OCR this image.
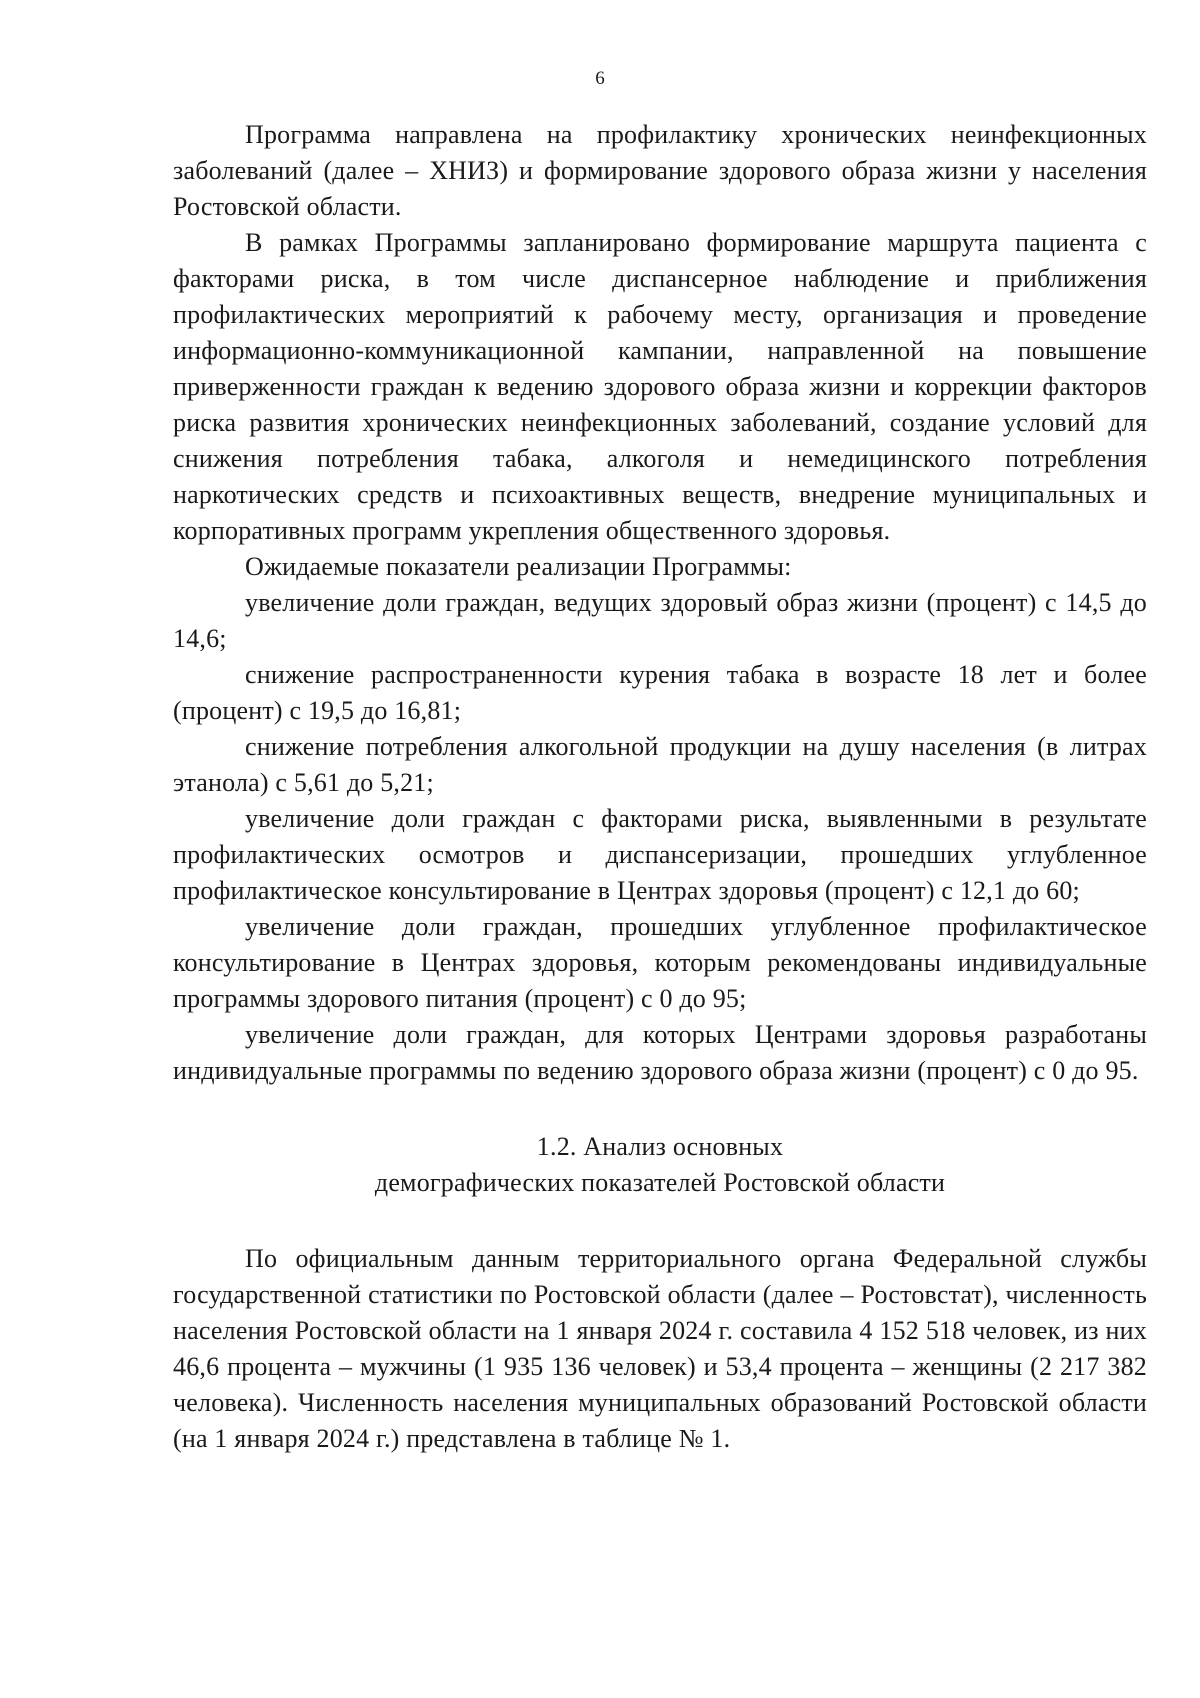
6

Программа направлена на профилактику хронических неинфекционных заболеваний (далее – ХНИЗ) и формирование здорового образа жизни у населения Ростовской области.

В рамках Программы запланировано формирование маршрута пациента с факторами риска, в том числе диспансерное наблюдение и приближения профилактических мероприятий к рабочему месту, организация и проведение информационно-коммуникационной кампании, направленной на повышение приверженности граждан к ведению здорового образа жизни и коррекции факторов риска развития хронических неинфекционных заболеваний, создание условий для снижения потребления табака, алкоголя и немедицинского потребления наркотических средств и психоактивных веществ, внедрение муниципальных и корпоративных программ укрепления общественного здоровья.

Ожидаемые показатели реализации Программы:

увеличение доли граждан, ведущих здоровый образ жизни (процент) с 14,5 до 14,6;

снижение распространенности курения табака в возрасте 18 лет и более (процент) с 19,5 до 16,81;

снижение потребления алкогольной продукции на душу населения (в литрах этанола) с 5,61 до 5,21;

увеличение доли граждан с факторами риска, выявленными в результате профилактических осмотров и диспансеризации, прошедших углубленное профилактическое консультирование в Центрах здоровья (процент) с 12,1 до 60;

увеличение доли граждан, прошедших углубленное профилактическое консультирование в Центрах здоровья, которым рекомендованы индивидуальные программы здорового питания (процент) с 0 до 95;

увеличение доли граждан, для которых Центрами здоровья разработаны индивидуальные программы по ведению здорового образа жизни (процент) с 0 до 95.

1.2. Анализ основных
демографических показателей Ростовской области

По официальным данным территориального органа Федеральной службы государственной статистики по Ростовской области (далее – Ростовстат), численность населения Ростовской области на 1 января 2024 г. составила 4 152 518 человек, из них 46,6 процента – мужчины (1 935 136 человек) и 53,4 процента – женщины (2 217 382 человека). Численность населения муниципальных образований Ростовской области (на 1 января 2024 г.) представлена в таблице № 1.
